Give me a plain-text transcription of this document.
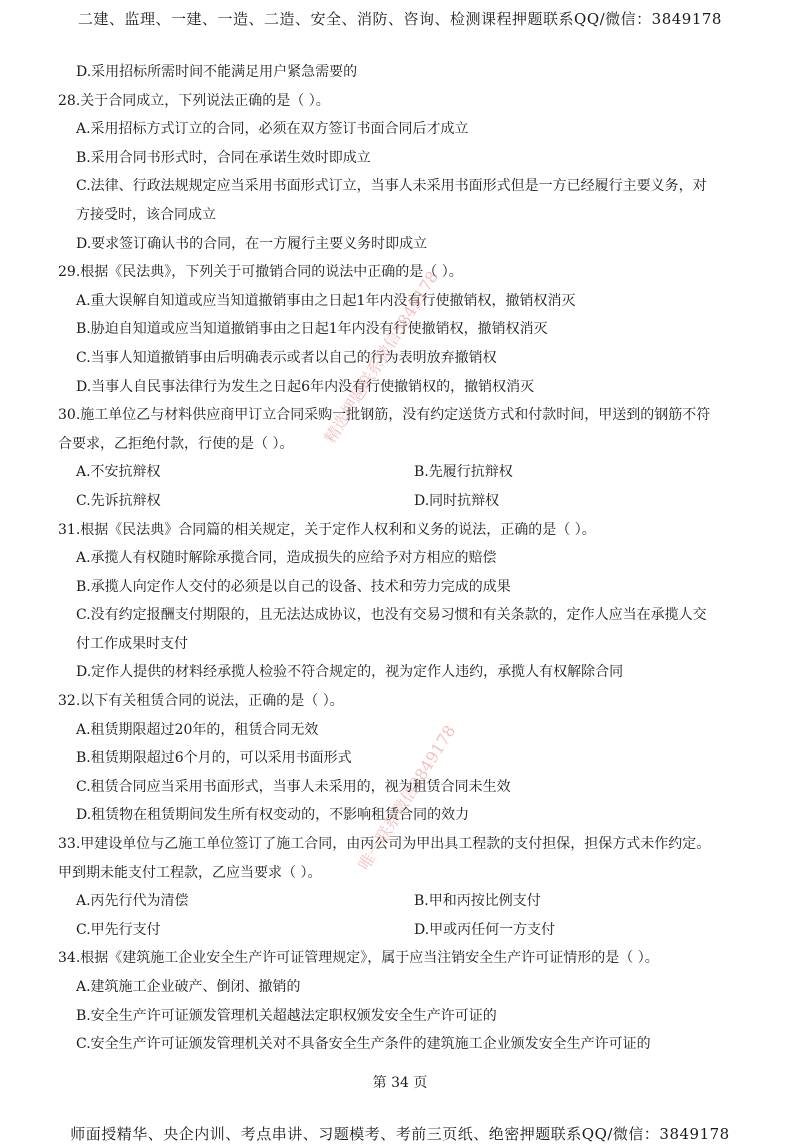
二建、监理、一建、一造、二造、安全、消防、咨询、检测课程押题联系QQ/微信：3849178
D.采用招标所需时间不能满足用户紧急需要的
28.关于合同成立，下列说法正确的是（ ）。
A.采用招标方式订立的合同，必须在双方签订书面合同后才成立
B.采用合同书形式时，合同在承诺生效时即成立
C.法律、行政法规规定应当采用书面形式订立，当事人未采用书面形式但是一方已经履行主要义务，对
方接受时，该合同成立
D.要求签订确认书的合同，在一方履行主要义务时即成立
29.根据《民法典》，下列关于可撤销合同的说法中正确的是（ ）。
A.重大误解自知道或应当知道撤销事由之日起1年内没有行使撤销权，撤销权消灭
B.胁迫自知道或应当知道撤销事由之日起1年内没有行使撤销权，撤销权消灭
C.当事人知道撤销事由后明确表示或者以自己的行为表明放弃撤销权
D.当事人自民事法律行为发生之日起6年内没有行使撤销权的，撤销权消灭
30.施工单位乙与材料供应商甲订立合同采购一批钢筋，没有约定送货方式和付款时间，甲送到的钢筋不符
合要求，乙拒绝付款，行使的是（ ）。
A.不安抗辩权	B.先履行抗辩权
C.先诉抗辩权	D.同时抗辩权
31.根据《民法典》合同篇的相关规定，关于定作人权利和义务的说法，正确的是（ ）。
A.承揽人有权随时解除承揽合同，造成损失的应给予对方相应的赔偿
B.承揽人向定作人交付的必须是以自己的设备、技术和劳力完成的成果
C.没有约定报酬支付期限的，且无法达成协议，也没有交易习惯和有关条款的，定作人应当在承揽人交
付工作成果时支付
D.定作人提供的材料经承揽人检验不符合规定的，视为定作人违约，承揽人有权解除合同
32.以下有关租赁合同的说法，正确的是（ ）。
A.租赁期限超过20年的，租赁合同无效
B.租赁期限超过6个月的，可以采用书面形式
C.租赁合同应当采用书面形式，当事人未采用的，视为租赁合同未生效
D.租赁物在租赁期间发生所有权变动的，不影响租赁合同的效力
33.甲建设单位与乙施工单位签订了施工合同，由丙公司为甲出具工程款的支付担保，担保方式未作约定。
甲到期未能支付工程款，乙应当要求（ ）。
A.丙先行代为清偿	B.甲和丙按比例支付
C.甲先行支付	D.甲或丙任何一方支付
34.根据《建筑施工企业安全生产许可证管理规定》，属于应当注销安全生产许可证情形的是（ ）。
A.建筑施工企业破产、倒闭、撤销的
B.安全生产许可证颁发管理机关超越法定职权颁发安全生产许可证的
C.安全生产许可证颁发管理机关对不具备安全生产条件的建筑施工企业颁发安全生产许可证的
第 34 页
师面授精华、央企内训、考点串讲、习题模考、考前三页纸、绝密押题联系QQ/微信：3849178
精选押题联系微信3849178
唯一联系微信3849178
